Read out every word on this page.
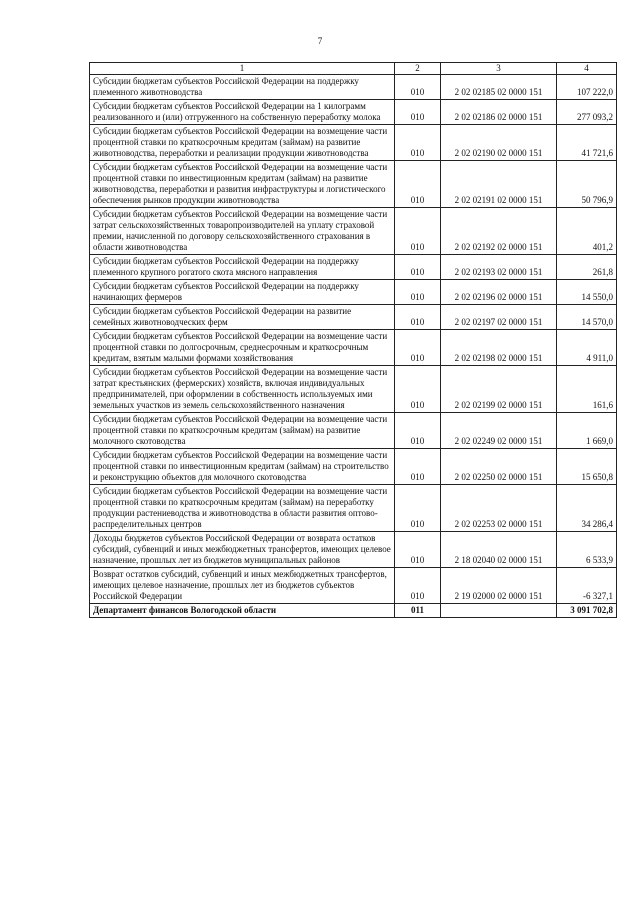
7
1	2	3	4
Субсидии бюджетам субъектов Российской Федерации на поддержку племенного животноводства	010	2 02 02185 02 0000 151	107 222,0
Субсидии бюджетам субъектов Российской Федерации на 1 килограмм реализованного и (или) отгруженного на собственную переработку молока	010	2 02 02186 02 0000 151	277 093,2
Субсидии бюджетам субъектов Российской Федерации на возмещение части процентной ставки по краткосрочным кредитам (займам) на развитие животноводства, переработки и реализации продукции животноводства	010	2 02 02190 02 0000 151	41 721,6
Субсидии бюджетам субъектов Российской Федерации на возмещение части процентной ставки по инвестиционным кредитам (займам) на развитие животноводства, переработки и развития инфраструктуры и логистического обеспечения рынков продукции животноводства	010	2 02 02191 02 0000 151	50 796,9
Субсидии бюджетам субъектов Российской Федерации на возмещение части затрат сельскохозяйственных товаропроизводителей на уплату страховой премии, начисленной по договору сельскохозяйственного страхования в области животноводства	010	2 02 02192 02 0000 151	401,2
Субсидии бюджетам субъектов Российской Федерации на поддержку племенного крупного рогатого скота мясного направления	010	2 02 02193 02 0000 151	261,8
Субсидии бюджетам субъектов Российской Федерации на поддержку начинающих фермеров	010	2 02 02196 02 0000 151	14 550,0
Субсидии бюджетам субъектов Российской Федерации на развитие семейных животноводческих ферм	010	2 02 02197 02 0000 151	14 570,0
Субсидии бюджетам субъектов Российской Федерации на возмещение части процентной ставки по долгосрочным, среднесрочным и краткосрочным кредитам, взятым малыми формами хозяйствования	010	2 02 02198 02 0000 151	4 911,0
Субсидии бюджетам субъектов Российской Федерации на возмещение части затрат крестьянских (фермерских) хозяйств, включая индивидуальных предпринимателей, при оформлении в собственность используемых ими земельных участков из земель сельскохозяйственного назначения	010	2 02 02199 02 0000 151	161,6
Субсидии бюджетам субъектов Российской Федерации на возмещение части процентной ставки по краткосрочным кредитам (займам) на развитие молочного скотоводства	010	2 02 02249 02 0000 151	1 669,0
Субсидии бюджетам субъектов Российской Федерации на возмещение части процентной ставки по инвестиционным кредитам (займам) на строительство и реконструкцию объектов для молочного скотоводства	010	2 02 02250 02 0000 151	15 650,8
Субсидии бюджетам субъектов Российской Федерации на возмещение части процентной ставки по краткосрочным кредитам (займам) на переработку продукции растениеводства и животноводства в области развития оптово-распределительных центров	010	2 02 02253 02 0000 151	34 286,4
Доходы бюджетов субъектов Российской Федерации от возврата остатков субсидий, субвенций и иных межбюджетных трансфертов, имеющих целевое назначение, прошлых лет из бюджетов муниципальных районов	010	2 18 02040 02 0000 151	6 533,9
Возврат остатков субсидий, субвенций и иных межбюджетных трансфертов, имеющих целевое назначение, прошлых лет из бюджетов субъектов Российской Федерации	010	2 19 02000 02 0000 151	-6 327,1
Департамент финансов Вологодской области	011		3 091 702,8
